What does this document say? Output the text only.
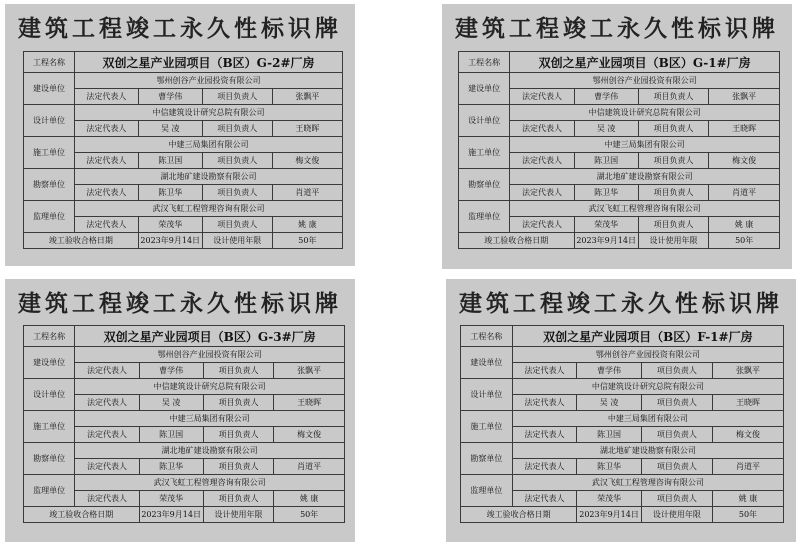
建筑工程竣工永久性标识牌
工程名称	双创之星产业园项目（B区）G-2#厂房			
建设单位	鄂州创谷产业园投资有限公司			
	法定代表人	曹学伟	项目负责人	张飘平
设计单位	中信建筑设计研究总院有限公司			
	法定代表人	吴 凌	项目负责人	王晓晖
施工单位	中建三局集团有限公司			
	法定代表人	陈卫国	项目负责人	梅文俊
勘察单位	湖北地矿建设勘察有限公司			
	法定代表人	陈卫华	项目负责人	肖道平
监理单位	武汉飞虹工程管理咨询有限公司			
	法定代表人	荣茂华	项目负责人	姚 康
竣工验收合格日期		2023年9月14日	设计使用年限	50年
建筑工程竣工永久性标识牌
工程名称	双创之星产业园项目（B区）G-1#厂房			
建设单位	鄂州创谷产业园投资有限公司			
	法定代表人	曹学伟	项目负责人	张飘平
设计单位	中信建筑设计研究总院有限公司			
	法定代表人	吴 凌	项目负责人	王晓晖
施工单位	中建三局集团有限公司			
	法定代表人	陈卫国	项目负责人	梅文俊
勘察单位	湖北地矿建设勘察有限公司			
	法定代表人	陈卫华	项目负责人	肖道平
监理单位	武汉飞虹工程管理咨询有限公司			
	法定代表人	荣茂华	项目负责人	姚 康
竣工验收合格日期		2023年9月14日	设计使用年限	50年
建筑工程竣工永久性标识牌
工程名称	双创之星产业园项目（B区）G-3#厂房			
建设单位	鄂州创谷产业园投资有限公司			
	法定代表人	曹学伟	项目负责人	张飘平
设计单位	中信建筑设计研究总院有限公司			
	法定代表人	吴 凌	项目负责人	王晓晖
施工单位	中建三局集团有限公司			
	法定代表人	陈卫国	项目负责人	梅文俊
勘察单位	湖北地矿建设勘察有限公司			
	法定代表人	陈卫华	项目负责人	肖道平
监理单位	武汉飞虹工程管理咨询有限公司			
	法定代表人	荣茂华	项目负责人	姚 康
竣工验收合格日期		2023年9月14日	设计使用年限	50年
建筑工程竣工永久性标识牌
工程名称	双创之星产业园项目（B区）F-1#厂房			
建设单位	鄂州创谷产业园投资有限公司			
	法定代表人	曹学伟	项目负责人	张飘平
设计单位	中信建筑设计研究总院有限公司			
	法定代表人	吴 凌	项目负责人	王晓晖
施工单位	中建三局集团有限公司			
	法定代表人	陈卫国	项目负责人	梅文俊
勘察单位	湖北地矿建设勘察有限公司			
	法定代表人	陈卫华	项目负责人	肖道平
监理单位	武汉飞虹工程管理咨询有限公司			
	法定代表人	荣茂华	项目负责人	姚 康
竣工验收合格日期		2023年9月14日	设计使用年限	50年
